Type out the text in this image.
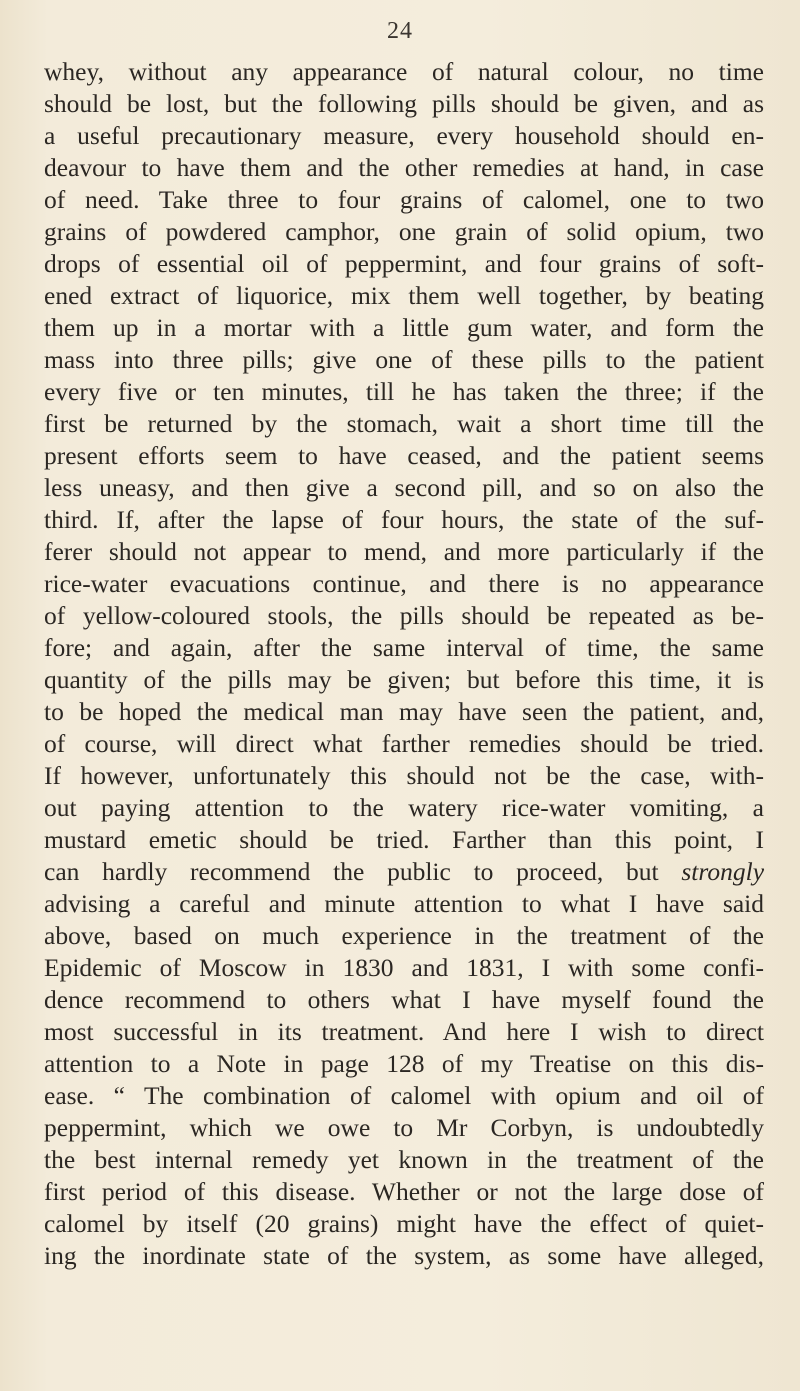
24
whey, without any appearance of natural colour, no time
should be lost, but the following pills should be given, and as
a useful precautionary measure, every household should en-
deavour to have them and the other remedies at hand, in case
of need. Take three to four grains of calomel, one to two
grains of powdered camphor, one grain of solid opium, two
drops of essential oil of peppermint, and four grains of soft-
ened extract of liquorice, mix them well together, by beating
them up in a mortar with a little gum water, and form the
mass into three pills; give one of these pills to the patient
every five or ten minutes, till he has taken the three; if the
first be returned by the stomach, wait a short time till the
present efforts seem to have ceased, and the patient seems
less uneasy, and then give a second pill, and so on also the
third. If, after the lapse of four hours, the state of the suf-
ferer should not appear to mend, and more particularly if the
rice-water evacuations continue, and there is no appearance
of yellow-coloured stools, the pills should be repeated as be-
fore; and again, after the same interval of time, the same
quantity of the pills may be given; but before this time, it is
to be hoped the medical man may have seen the patient, and,
of course, will direct what farther remedies should be tried.
If however, unfortunately this should not be the case, with-
out paying attention to the watery rice-water vomiting, a
mustard emetic should be tried. Farther than this point, I
can hardly recommend the public to proceed, but strongly
advising a careful and minute attention to what I have said
above, based on much experience in the treatment of the
Epidemic of Moscow in 1830 and 1831, I with some confi-
dence recommend to others what I have myself found the
most successful in its treatment. And here I wish to direct
attention to a Note in page 128 of my Treatise on this dis-
ease. “ The combination of calomel with opium and oil of
peppermint, which we owe to Mr Corbyn, is undoubtedly
the best internal remedy yet known in the treatment of the
first period of this disease. Whether or not the large dose of
calomel by itself (20 grains) might have the effect of quiet-
ing the inordinate state of the system, as some have alleged,
